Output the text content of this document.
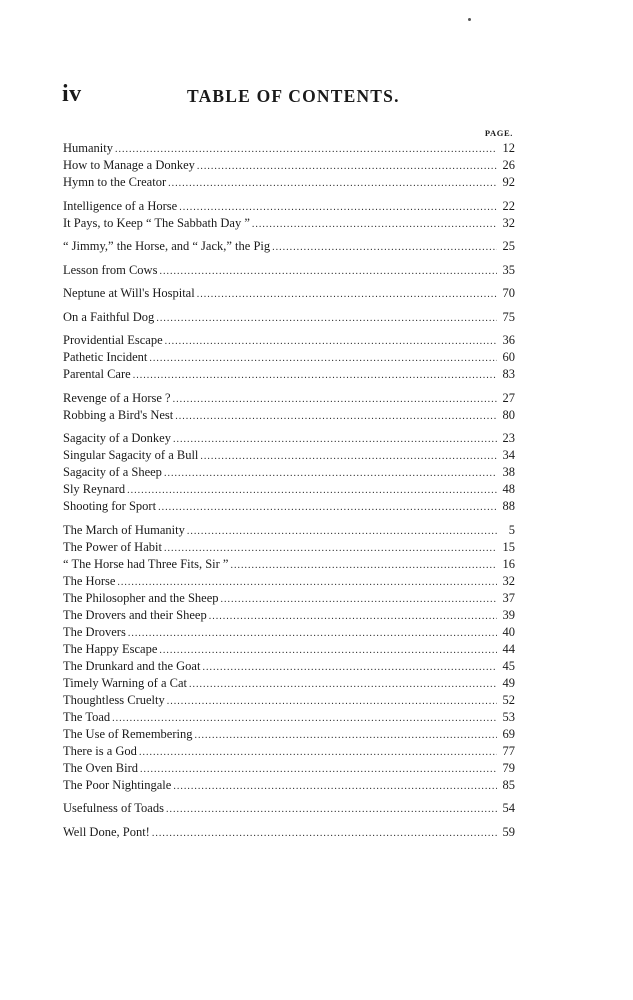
iv	TABLE OF CONTENTS.
PAGE.
Humanity .....	12
How to Manage a Donkey .....	26
Hymn to the Creator .....	92
Intelligence of a Horse .....	22
It Pays, to Keep “ The Sabbath Day ” .....	32
“ Jimmy,” the Horse, and “ Jack,” the Pig .....	25
Lesson from Cows .....	35
Neptune at Will's Hospital .....	70
On a Faithful Dog .....	75
Providential Escape .....	36
Pathetic Incident .....	60
Parental Care .....	83
Revenge of a Horse ? .....	27
Robbing a Bird's Nest .....	80
Sagacity of a Donkey .....	23
Singular Sagacity of a Bull .....	34
Sagacity of a Sheep .....	38
Sly Reynard .....	48
Shooting for Sport .....	88
The March of Humanity .....	5
The Power of Habit .....	15
“ The Horse had Three Fits, Sir ” .....	16
The Horse .....	32
The Philosopher and the Sheep .....	37
The Drovers and their Sheep .....	39
The Drovers .....	40
The Happy Escape .....	44
The Drunkard and the Goat .....	45
Timely Warning of a Cat .....	49
Thoughtless Cruelty .....	52
The Toad .....	53
The Use of Remembering .....	69
There is a God .....	77
The Oven Bird .....	79
The Poor Nightingale .....	85
Usefulness of Toads .....	54
Well Done, Pont! .....	59
